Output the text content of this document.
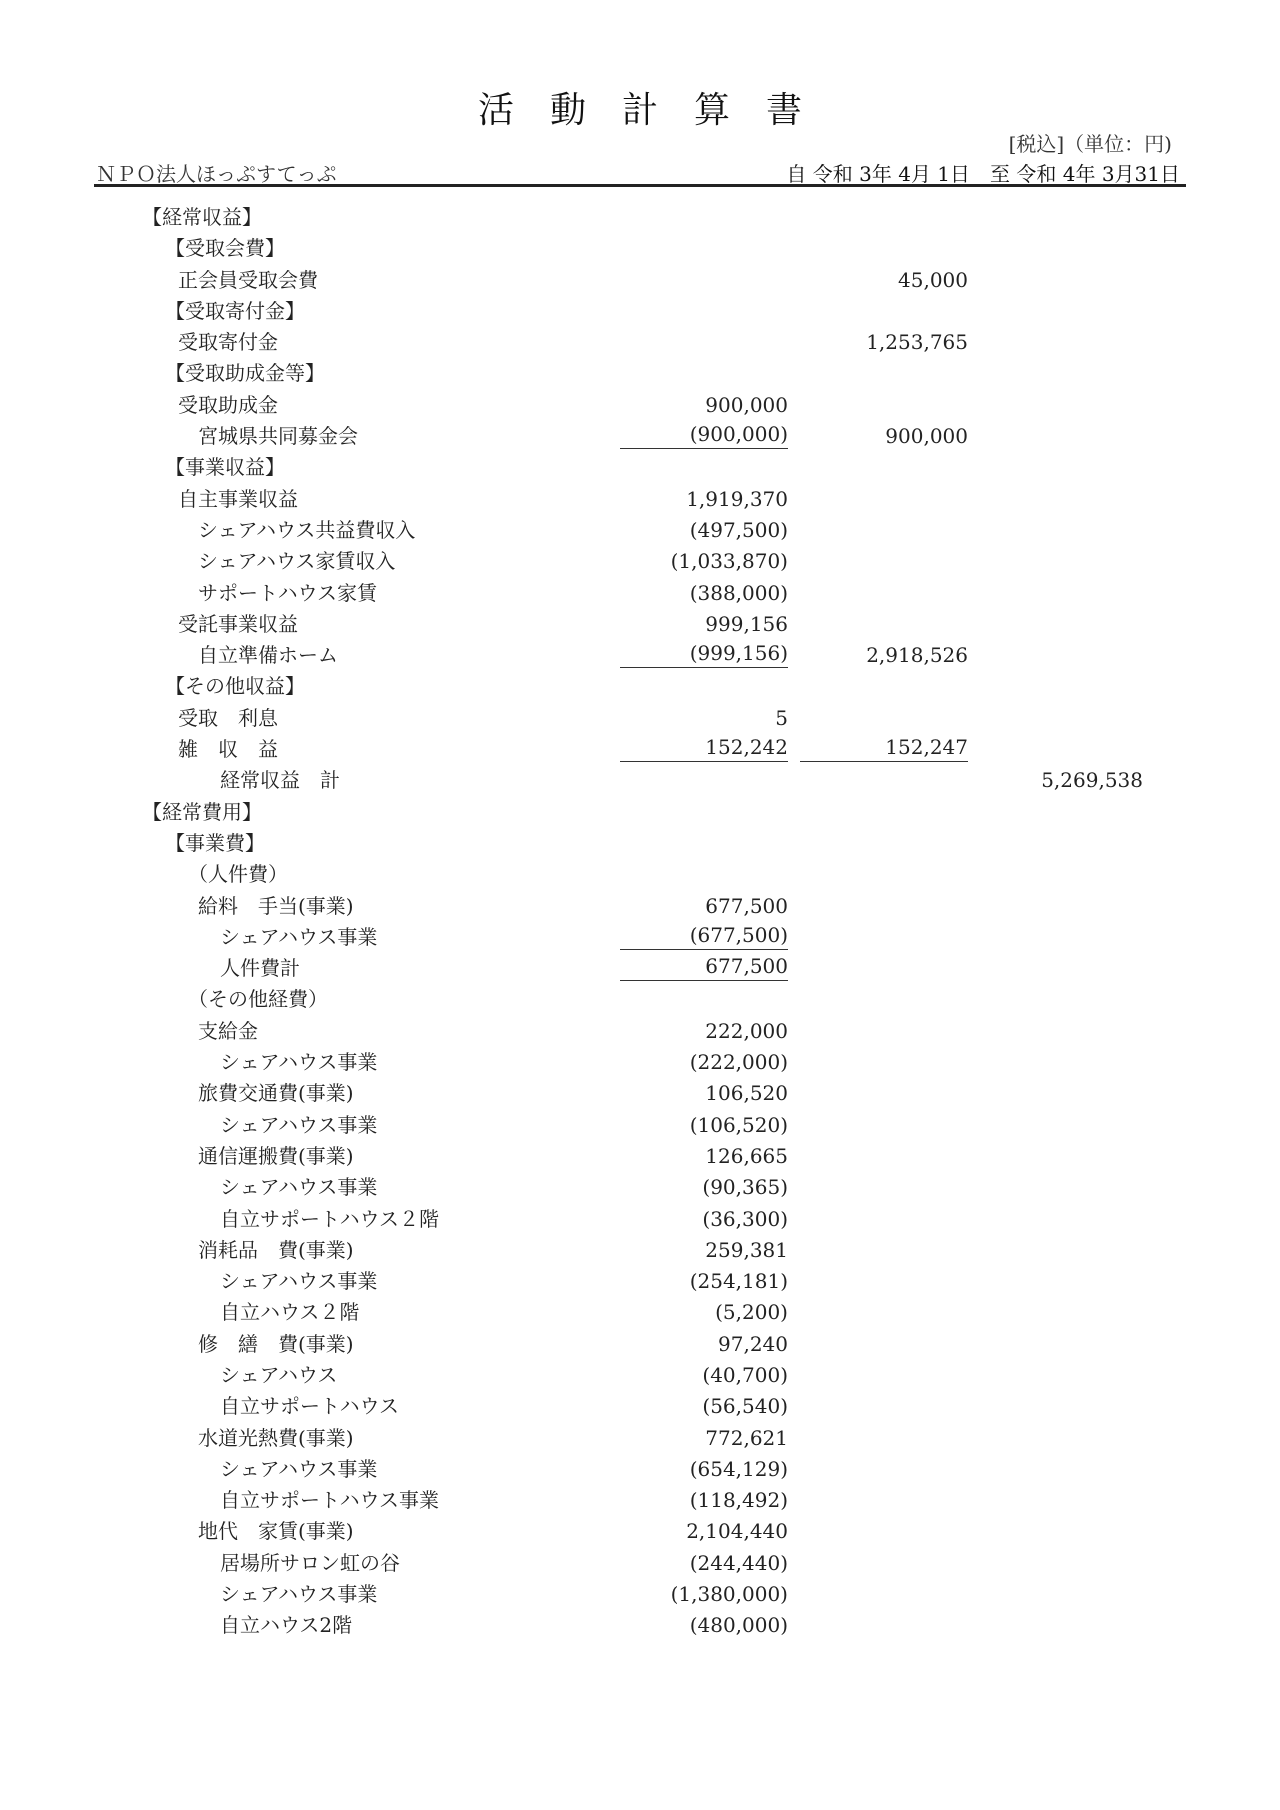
活動計算書
[税込]（単位：円)
ＮＰＯ法人ほっぷすてっぷ	自 令和 3年 4月 1日　至 令和 4年 3月31日
【経常収益】
【受取会費】
正会員受取会費	45,000
【受取寄付金】
受取寄付金	1,253,765
【受取助成金等】
受取助成金	900,000
宮城県共同募金会	(900,000)	900,000
【事業収益】
自主事業収益	1,919,370
シェアハウス共益費収入	(497,500)
シェアハウス家賃収入	(1,033,870)
サポートハウス家賃	(388,000)
受託事業収益	999,156
自立準備ホーム	(999,156)	2,918,526
【その他収益】
受取　利息	5
雑　収　益	152,242	152,247
経常収益　計	5,269,538
【経常費用】
【事業費】
（人件費）
給料　手当(事業)	677,500
シェアハウス事業	(677,500)
人件費計	677,500
（その他経費）
支給金	222,000
シェアハウス事業	(222,000)
旅費交通費(事業)	106,520
シェアハウス事業	(106,520)
通信運搬費(事業)	126,665
シェアハウス事業	(90,365)
自立サポートハウス２階	(36,300)
消耗品　費(事業)	259,381
シェアハウス事業	(254,181)
自立ハウス２階	(5,200)
修　繕　費(事業)	97,240
シェアハウス	(40,700)
自立サポートハウス	(56,540)
水道光熱費(事業)	772,621
シェアハウス事業	(654,129)
自立サポートハウス事業	(118,492)
地代　家賃(事業)	2,104,440
居場所サロン虹の谷	(244,440)
シェアハウス事業	(1,380,000)
自立ハウス2階	(480,000)
